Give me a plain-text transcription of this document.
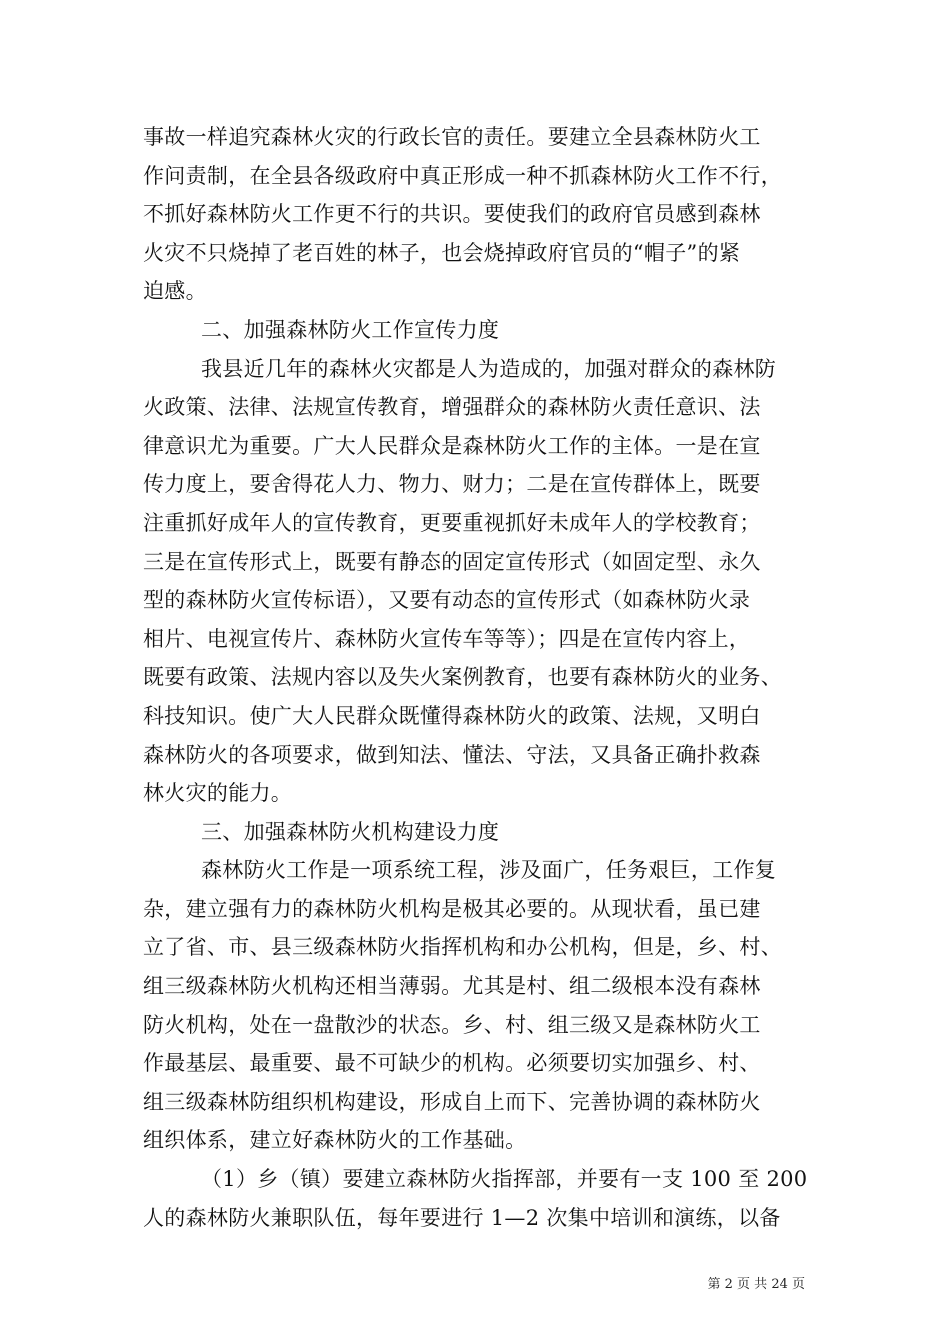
事故一样追究森林火灾的行政长官的责任。要建立全县森林防火工
作问责制，在全县各级政府中真正形成一种不抓森林防火工作不行，
不抓好森林防火工作更不行的共识。要使我们的政府官员感到森林
火灾不只烧掉了老百姓的林子，也会烧掉政府官员的“帽子”的紧
迫感。
二、加强森林防火工作宣传力度
我县近几年的森林火灾都是人为造成的，加强对群众的森林防
火政策、法律、法规宣传教育，增强群众的森林防火责任意识、法
律意识尤为重要。广大人民群众是森林防火工作的主体。一是在宣
传力度上，要舍得花人力、物力、财力；二是在宣传群体上，既要
注重抓好成年人的宣传教育，更要重视抓好未成年人的学校教育；
三是在宣传形式上，既要有静态的固定宣传形式（如固定型、永久
型的森林防火宣传标语），又要有动态的宣传形式（如森林防火录
相片、电视宣传片、森林防火宣传车等等）；四是在宣传内容上，
既要有政策、法规内容以及失火案例教育，也要有森林防火的业务、
科技知识。使广大人民群众既懂得森林防火的政策、法规，又明白
森林防火的各项要求，做到知法、懂法、守法，又具备正确扑救森
林火灾的能力。
三、加强森林防火机构建设力度
森林防火工作是一项系统工程，涉及面广，任务艰巨，工作复
杂，建立强有力的森林防火机构是极其必要的。从现状看，虽已建
立了省、市、县三级森林防火指挥机构和办公机构，但是，乡、村、
组三级森林防火机构还相当薄弱。尤其是村、组二级根本没有森林
防火机构，处在一盘散沙的状态。乡、村、组三级又是森林防火工
作最基层、最重要、最不可缺少的机构。必须要切实加强乡、村、
组三级森林防组织机构建设，形成自上而下、完善协调的森林防火
组织体系，建立好森林防火的工作基础。
（1）乡（镇）要建立森林防火指挥部，并要有一支 100 至 200
人的森林防火兼职队伍，每年要进行 1—2 次集中培训和演练，以备
第 2 页 共 24 页
